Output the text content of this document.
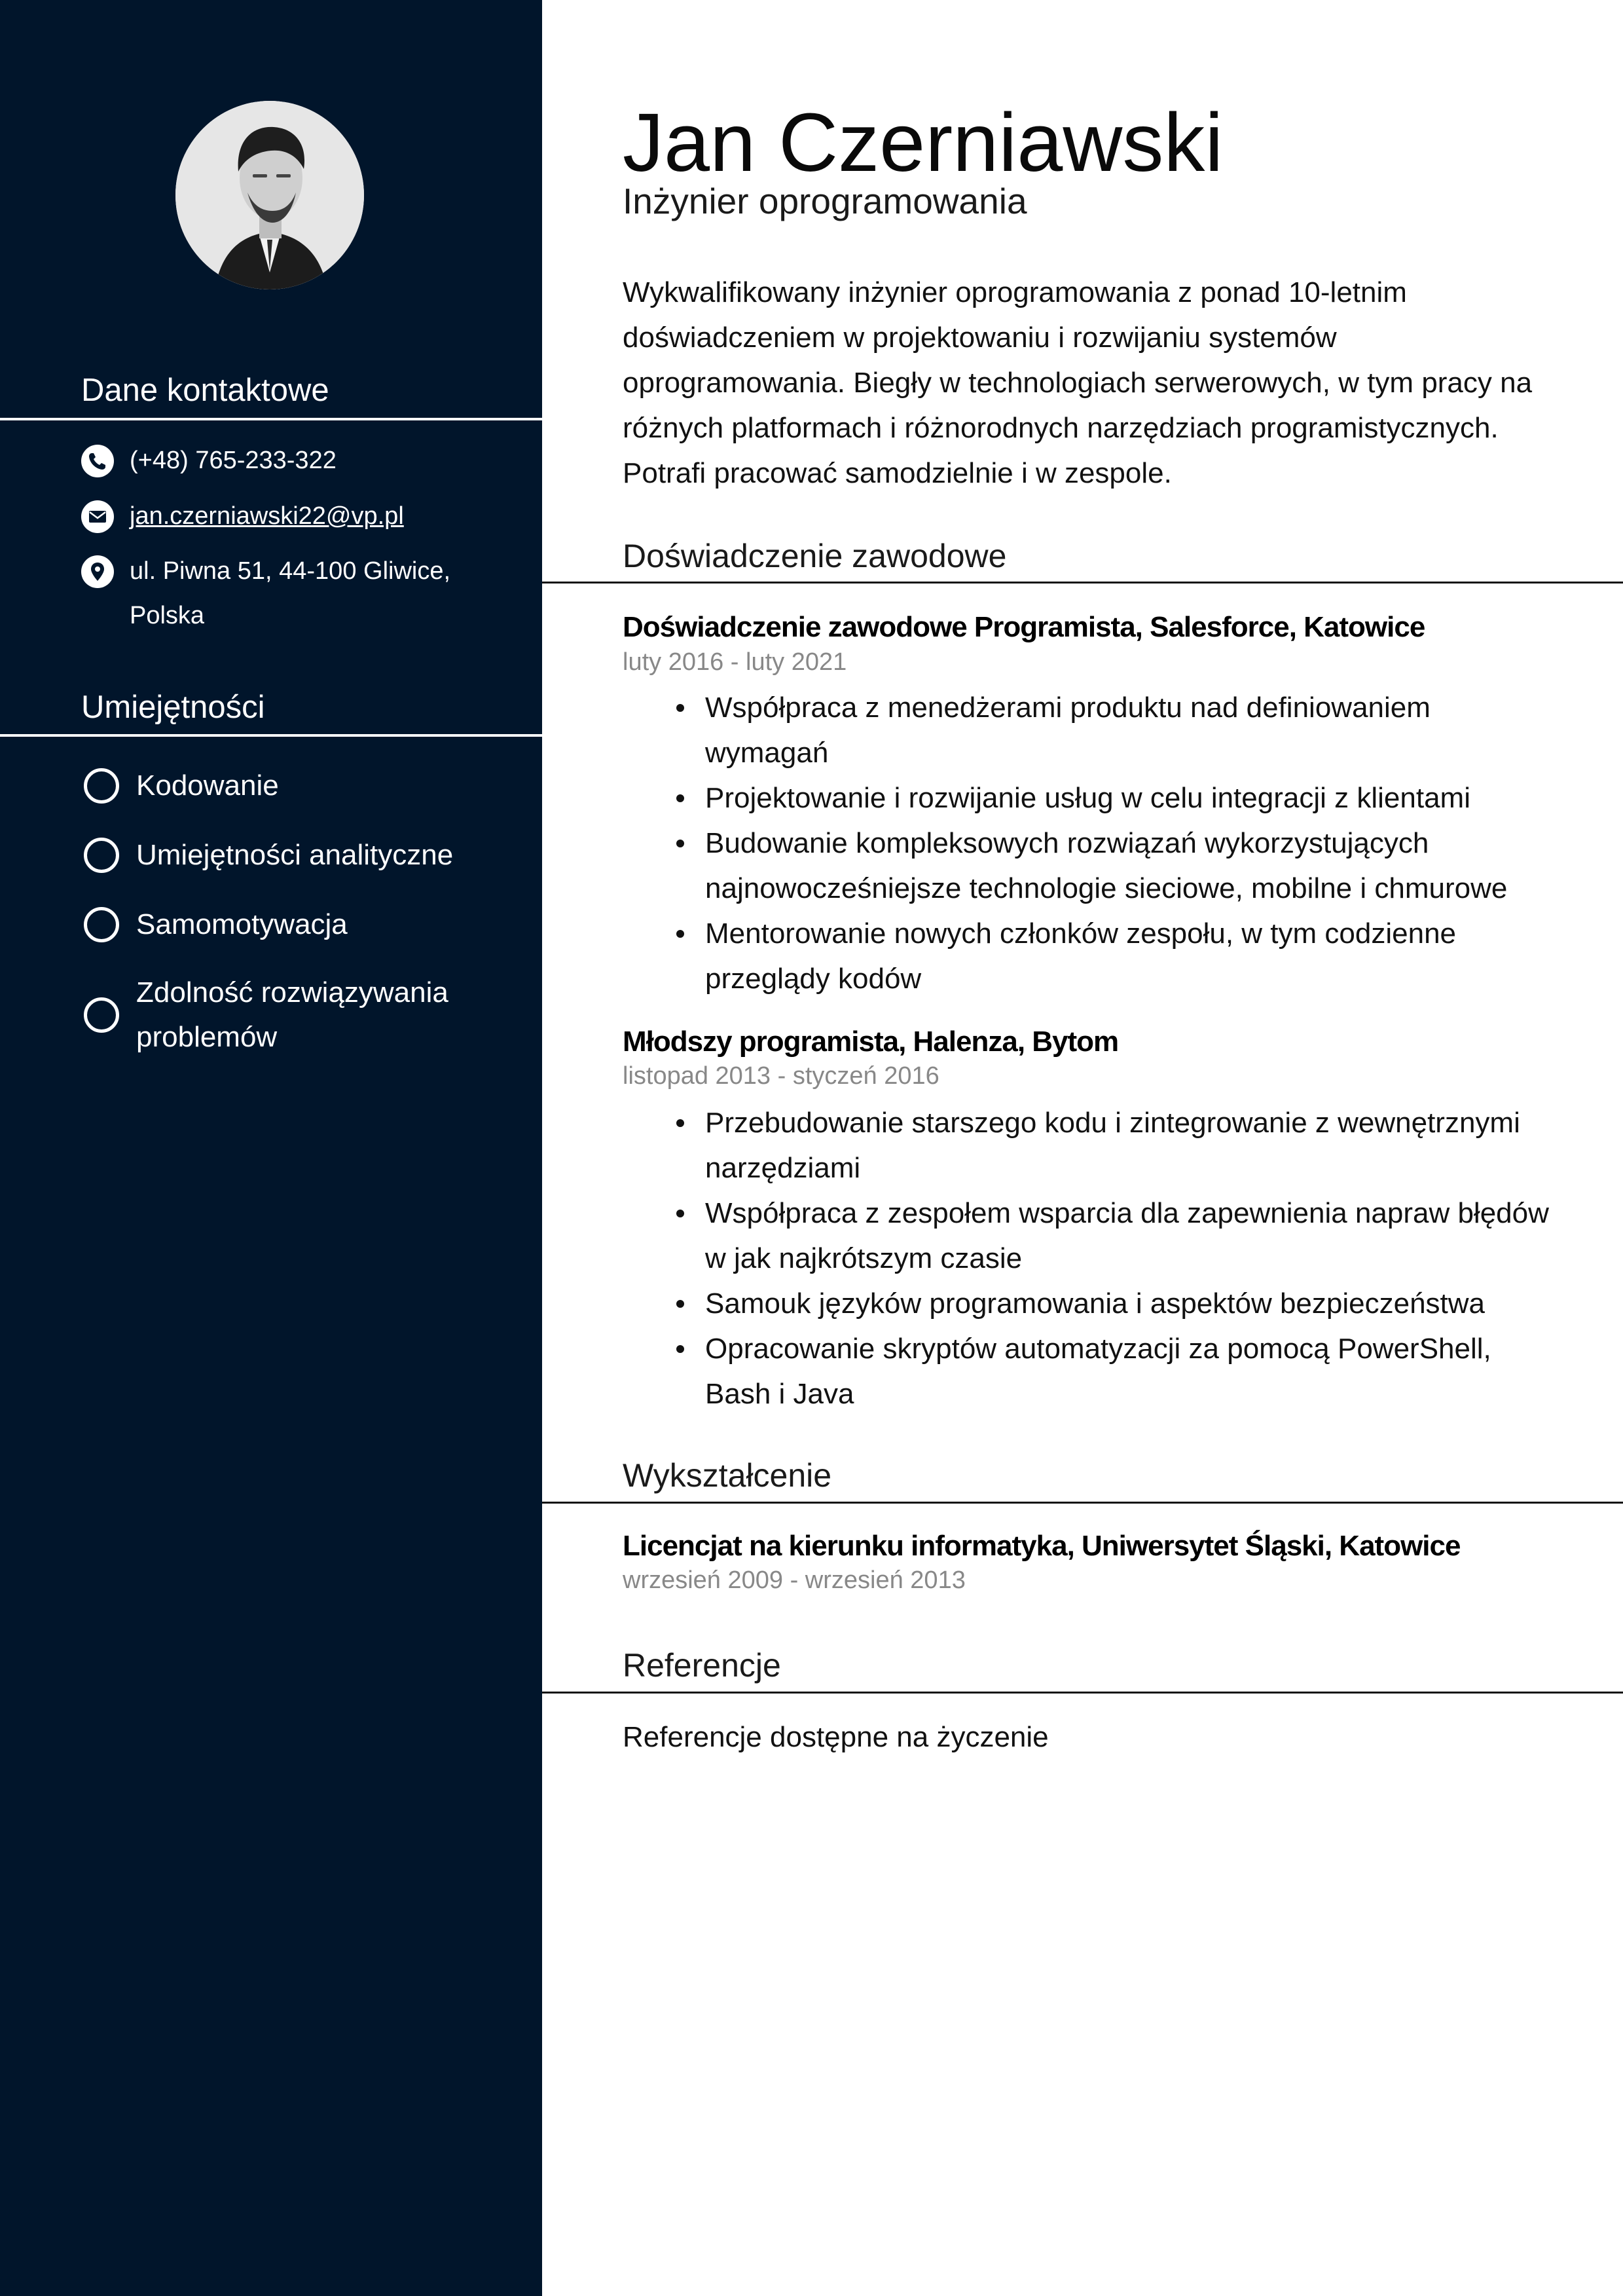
Dane kontaktowe
(+48) 765-233-322
jan.czerniawski22@vp.pl
ul. Piwna 51, 44-100 Gliwice, Polska
Umiejętności
Kodowanie
Umiejętności analityczne
Samomotywacja
Zdolność rozwiązywania problemów
Jan Czerniawski
Inżynier oprogramowania

Wykwalifikowany inżynier oprogramowania z ponad 10-letnim doświadczeniem w projektowaniu i rozwijaniu systemów oprogramowania. Biegły w technologiach serwerowych, w tym pracy na różnych platformach i różnorodnych narzędziach programistycznych. Potrafi pracować samodzielnie i w zespole.

Doświadczenie zawodowe
Doświadczenie zawodowe Programista, Salesforce, Katowice

luty 2016 - luty 2021

Współpraca z menedżerami produktu nad definiowaniem wymagań
Projektowanie i rozwijanie usług w celu integracji z klientami
Budowanie kompleksowych rozwiązań wykorzystujących najnowocześniejsze technologie sieciowe, mobilne i chmurowe
Mentorowanie nowych członków zespołu, w tym codzienne przeglądy kodów
Młodszy programista, Halenza, Bytom

listopad 2013 - styczeń 2016

Przebudowanie starszego kodu i zintegrowanie z wewnętrznymi narzędziami
Współpraca z zespołem wsparcia dla zapewnienia napraw błędów w jak najkrótszym czasie
Samouk języków programowania i aspektów bezpieczeństwa
Opracowanie skryptów automatyzacji za pomocą PowerShell, Bash i Java
Wykształcenie
Licencjat na kierunku informatyka, Uniwersytet Śląski, Katowice

wrzesień 2009 - wrzesień 2013

Referencje

Referencje dostępne na życzenie
